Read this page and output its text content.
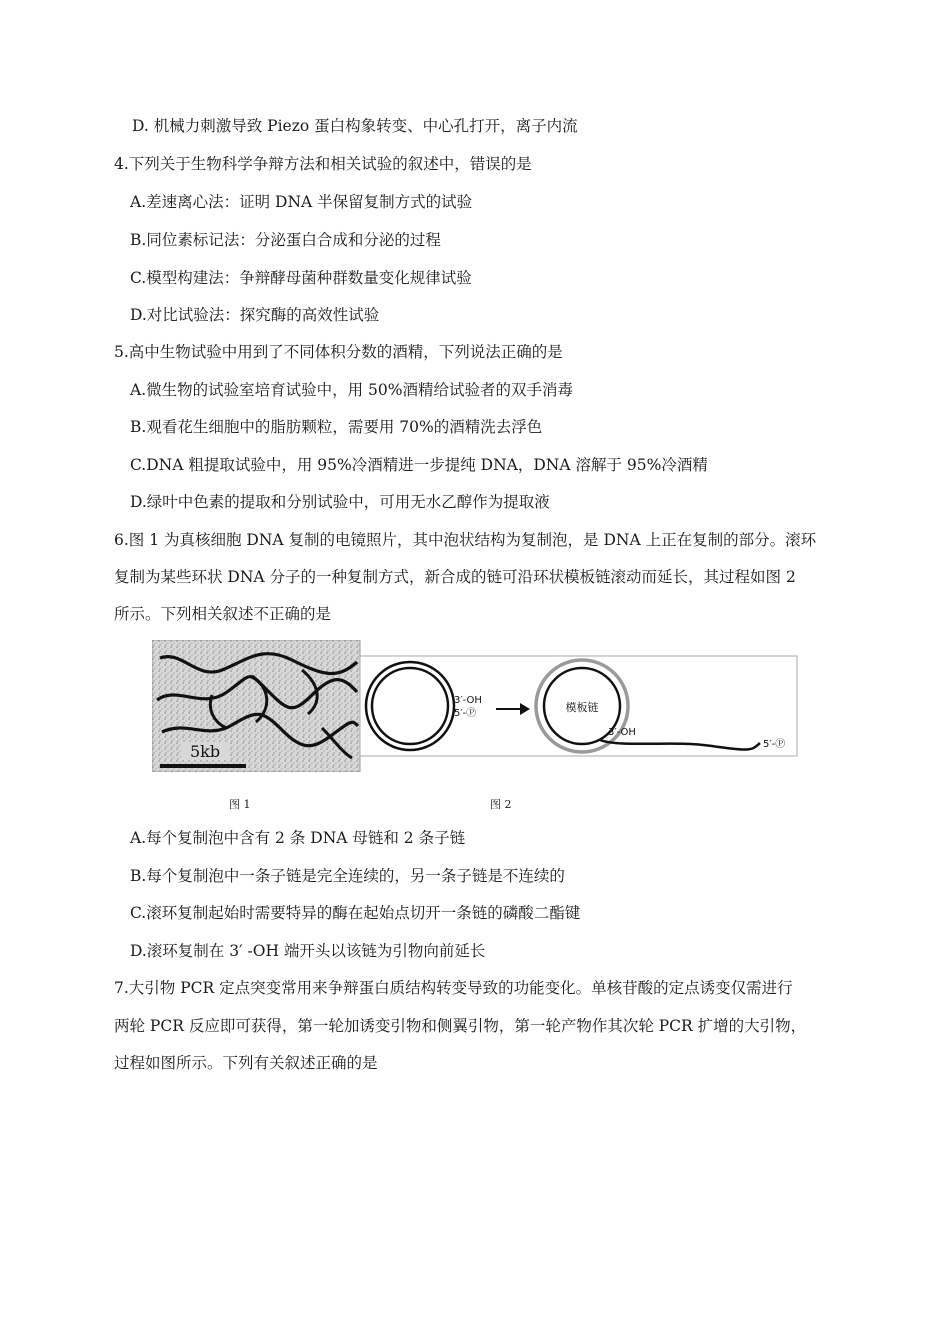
D. 机械力刺激导致 Piezo 蛋白构象转变、中心孔打开，离子内流
4.下列关于生物科学争辩方法和相关试验的叙述中，错误的是
A.差速离心法：证明 DNA 半保留复制方式的试验
B.同位素标记法：分泌蛋白合成和分泌的过程
C.模型构建法：争辩酵母菌种群数量变化规律试验
D.对比试验法：探究酶的高效性试验
5.高中生物试验中用到了不同体积分数的酒精，下列说法正确的是
A.微生物的试验室培育试验中，用 50%酒精给试验者的双手消毒
B.观看花生细胞中的脂肪颗粒，需要用 70%的酒精洗去浮色
C.DNA 粗提取试验中，用 95%冷酒精进一步提纯 DNA，DNA 溶解于 95%冷酒精
D.绿叶中色素的提取和分别试验中，可用无水乙醇作为提取液
6.图 1 为真核细胞 DNA 复制的电镜照片，其中泡状结构为复制泡，是 DNA 上正在复制的部分。滚环
复制为某些环状 DNA 分子的一种复制方式，新合成的链可沿环状模板链滚动而延长，其过程如图 2
所示。下列相关叙述不正确的是
5kb
3′-OH
5′-Ⓟ	模板链
3′-OH
5′-Ⓟ
图 1	图 2
A.每个复制泡中含有 2 条 DNA 母链和 2 条子链
B.每个复制泡中一条子链是完全连续的，另一条子链是不连续的
C.滚环复制起始时需要特异的酶在起始点切开一条链的磷酸二酯键
D.滚环复制在 3′ -OH 端开头以该链为引物向前延长
7.大引物 PCR 定点突变常用来争辩蛋白质结构转变导致的功能变化。单核苷酸的定点诱变仅需进行
两轮 PCR 反应即可获得，第一轮加诱变引物和侧翼引物，第一轮产物作其次轮 PCR 扩增的大引物，
过程如图所示。下列有关叙述正确的是
